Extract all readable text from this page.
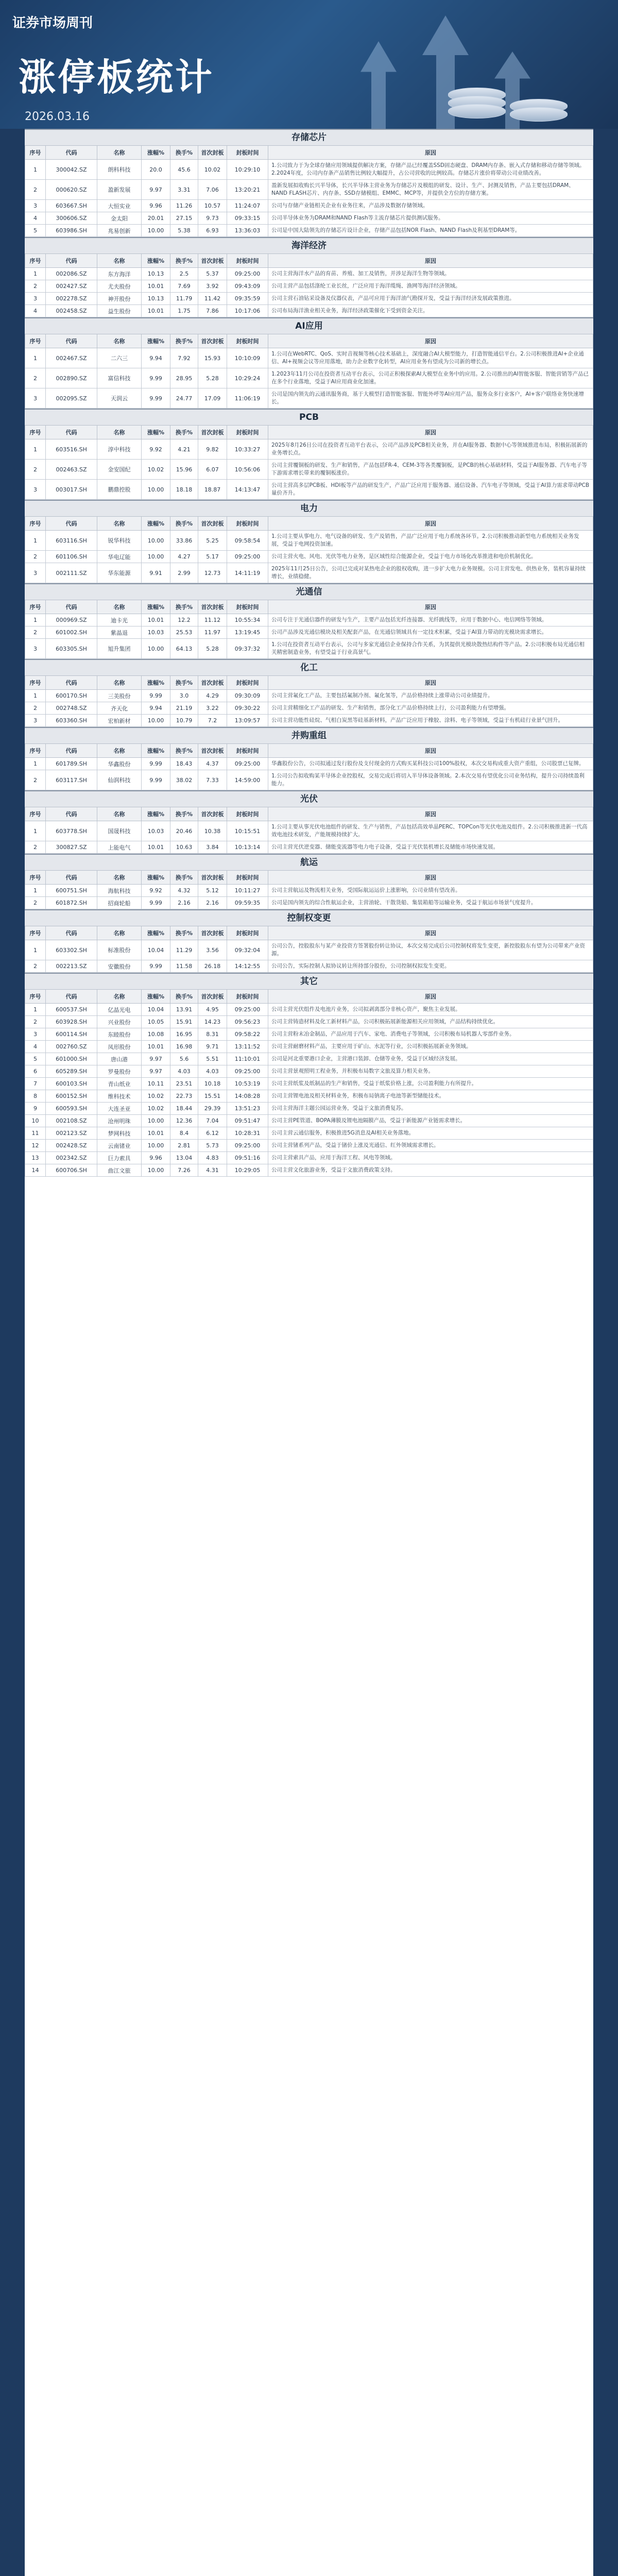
证券市场周刊
涨停板统计
2026.03.16
存储芯片
序号	代码	名称	涨幅%	换手%	首次封板	封板时间	原因
1	300042.SZ	朗科科技	20.0	45.6	10.02	10:29:10	1.公司致力于为全球存储应用领域提供解决方案，存储产品已经覆盖SSD固态硬盘、DRAM内存条、嵌入式存储和移动存储等领域。2.2024年度，公司内存条产品销售比例较大幅提升，占公司营收的比例较高。存储芯片涨价将带动公司业绩改善。
2	000620.SZ	盈新发展	9.97	3.31	7.06	13:20:21	盈新发展拟收购长兴半导体，长兴半导体主营业务为存储芯片及模组的研发、设计、生产、封测及销售，产品主要包括DRAM、NAND FLASH芯片、内存条、SSD存储模组、EMMC、MCP等，并提供全方位的存储方案。
3	603667.SH	大恒实业	9.96	11.26	10.57	11:24:07	公司与存储产业链相关企业有业务往来，产品涉及数据存储领域。
4	300606.SZ	金太阳	20.01	27.15	9.73	09:33:15	公司半导体业务为DRAM和NAND Flash等主流存储芯片提供测试服务。
5	603986.SH	兆易创新	10.00	5.38	6.93	13:36:03	公司是中国大陆领先的存储芯片设计企业，存储产品包括NOR Flash、NAND Flash及利基型DRAM等。
海洋经济
序号	代码	名称	涨幅%	换手%	首次封板	封板时间	原因
1	002086.SZ	东方海洋	10.13	2.5	5.37	09:25:00	公司主营海洋水产品的育苗、养殖、加工及销售，并涉足海洋生物等领域。
2	002427.SZ	尤夫股份	10.01	7.69	3.92	09:43:09	公司主营产品包括涤纶工业长丝，广泛应用于海洋缆绳、渔网等海洋经济领域。
3	002278.SZ	神开股份	10.13	11.79	11.42	09:35:59	公司主营石油钻采设备及仪器仪表，产品可应用于海洋油气勘探开发，受益于海洋经济发展政策推进。
4	002458.SZ	益生股份	10.01	1.75	7.86	10:17:06	公司布局海洋渔业相关业务，海洋经济政策催化下受到资金关注。
AI应用
序号	代码	名称	涨幅%	换手%	首次封板	封板时间	原因
1	002467.SZ	二六三	9.94	7.92	15.93	10:10:09	1.公司在WebRTC、QoS、实时音视频等核心技术基础上，深度融合AI大模型能力，打造智能通信平台。2.公司积极推进AI+企业通信、AI+视频会议等应用落地，助力企业数字化转型，AI应用业务有望成为公司新的增长点。
2	002890.SZ	富信科技	9.99	28.95	5.28	10:29:24	1.2023年11月公司在投资者互动平台表示，公司正积极探索AI大模型在业务中的应用。2.公司推出的AI智能客服、智能营销等产品已在多个行业落地，受益于AI应用商业化加速。
3	002095.SZ	天润云	9.99	24.77	17.09	11:06:19	公司是国内领先的云通讯服务商，基于大模型打造智能客服、智能外呼等AI应用产品，服务众多行业客户，AI+客户联络业务快速增长。
PCB
序号	代码	名称	涨幅%	换手%	首次封板	封板时间	原因
1	603516.SH	淳中科技	9.92	4.21	9.82	10:33:27	2025年8月26日公司在投资者互动平台表示，公司产品涉及PCB相关业务，并在AI服务器、数据中心等领域推进布局，积极拓展新的业务增长点。
2	002463.SZ	金安国纪	10.02	15.96	6.07	10:56:06	公司主营覆铜板的研发、生产和销售，产品包括FR-4、CEM-3等各类覆铜板，是PCB的核心基础材料，受益于AI服务器、汽车电子等下游需求增长带来的覆铜板涨价。
3	003017.SH	鹏鼎控股	10.00	18.18	18.87	14:13:47	公司主营高多层PCB板、HDI板等产品的研发生产，产品广泛应用于服务器、通信设备、汽车电子等领域，受益于AI算力需求带动PCB量价齐升。
电力
序号	代码	名称	涨幅%	换手%	首次封板	封板时间	原因
1	603116.SH	锐华科技	10.00	33.86	5.25	09:58:54	1.公司主要从事电力、电气设备的研发、生产及销售，产品广泛应用于电力系统各环节。2.公司积极推动新型电力系统相关业务发展，受益于电网投资加速。
2	601106.SH	华电辽能	10.00	4.27	5.17	09:25:00	公司主营火电、风电、光伏等电力业务，是区域性综合能源企业，受益于电力市场化改革推进和电价机制优化。
3	002111.SZ	华东能源	9.91	2.99	12.73	14:11:19	2025年11月25日公告，公司已完成对某热电企业的股权收购，进一步扩大电力业务规模。公司主营发电、供热业务，装机容量持续增长，业绩稳健。
光通信
序号	代码	名称	涨幅%	换手%	首次封板	封板时间	原因
1	000969.SZ	迪卡光	10.01	12.2	11.12	10:55:34	公司专注于光通信器件的研发与生产，主要产品包括光纤连接器、光纤跳线等，应用于数据中心、电信网络等领域。
2	601002.SH	紫晶退	10.03	25.53	11.97	13:19:45	公司产品涉及光通信模块及相关配套产品，在光通信领域具有一定技术积累，受益于AI算力带动的光模块需求增长。
3	603305.SH	旭升集团	10.00	64.13	5.28	09:37:32	1.公司在投资者互动平台表示，公司与多家光通信企业保持合作关系，为其提供光模块散热结构件等产品。2.公司积极布局光通信相关精密制造业务，有望受益于行业高景气。
化工
序号	代码	名称	涨幅%	换手%	首次封板	封板时间	原因
1	600170.SH	三美股份	9.99	3.0	4.29	09:30:09	公司主营氟化工产品，主要包括氟制冷剂、氟化氢等，产品价格持续上涨带动公司业绩提升。
2	002748.SZ	齐天化	9.94	21.19	3.22	09:30:22	公司主营精细化工产品的研发、生产和销售，部分化工产品价格持续上行，公司盈利能力有望增强。
3	603360.SH	宏柏新材	10.00	10.79	7.2	13:09:57	公司主营功能性硅烷、气相白炭黑等硅基新材料，产品广泛应用于橡胶、涂料、电子等领域，受益于有机硅行业景气回升。
并购重组
序号	代码	名称	涨幅%	换手%	首次封板	封板时间	原因
1	601789.SH	华鑫股份	9.99	18.43	4.37	09:25:00	华鑫股份公告，公司拟通过发行股份及支付现金的方式购买某科技公司100%股权，本次交易构成重大资产重组，公司股票已复牌。
2	603117.SH	仙润科技	9.99	38.02	7.33	14:59:00	1.公司公告拟收购某半导体企业控股权，交易完成后将切入半导体设备领域。2.本次交易有望优化公司业务结构，提升公司持续盈利能力。
光伏
序号	代码	名称	涨幅%	换手%	首次封板	封板时间	原因
1	603778.SH	国晟科技	10.03	20.46	10.38	10:15:51	1.公司主要从事光伏电池组件的研发、生产与销售，产品包括高效单晶PERC、TOPCon等光伏电池及组件。2.公司积极推进新一代高效电池技术研发，产能规模持续扩大。
2	300827.SZ	上能电气	10.01	10.63	3.84	10:13:14	公司主营光伏逆变器、储能变流器等电力电子设备，受益于光伏装机增长及储能市场快速发展。
航运
序号	代码	名称	涨幅%	换手%	首次封板	封板时间	原因
1	600751.SH	海航科技	9.92	4.32	5.12	10:11:27	公司主营航运及物流相关业务，受国际航运运价上涨影响，公司业绩有望改善。
2	601872.SH	招商轮船	9.99	2.16	2.16	09:59:35	公司是国内领先的综合性航运企业，主营油轮、干散货船、集装箱船等运输业务，受益于航运市场景气度提升。
控制权变更
序号	代码	名称	涨幅%	换手%	首次封板	封板时间	原因
1	603302.SH	标准股份	10.04	11.29	3.56	09:32:04	公司公告，控股股东与某产业投资方签署股份转让协议，本次交易完成后公司控制权将发生变更，新控股股东有望为公司带来产业资源。
2	002213.SZ	安徽股份	9.99	11.58	26.18	14:12:55	公司公告，实际控制人拟协议转让所持部分股份，公司控制权拟发生变更。
其它
序号	代码	名称	涨幅%	换手%	首次封板	封板时间	原因
1	600537.SH	亿晶光电	10.04	13.91	4.95	09:25:00	公司主营光伏组件及电池片业务，公司拟剥离部分非核心资产，聚焦主业发展。
2	603928.SH	兴业股份	10.05	15.91	14.23	09:56:23	公司主营铸造材料及化工新材料产品，公司积极拓展新能源相关应用领域，产品结构持续优化。
3	600114.SH	东睦股份	10.08	16.95	8.31	09:58:22	公司主营粉末冶金制品，产品应用于汽车、家电、消费电子等领域，公司积极布局机器人零部件业务。
4	002760.SZ	凤形股份	10.01	16.98	9.71	13:11:52	公司主营耐磨材料产品，主要应用于矿山、水泥等行业，公司积极拓展新业务领域。
5	601000.SH	唐山港	9.97	5.6	5.51	11:10:01	公司是河北重要港口企业，主营港口装卸、仓储等业务，受益于区域经济发展。
6	605289.SH	罗曼股份	9.97	4.03	4.03	09:25:00	公司主营景观照明工程业务，并积极布局数字文旅及算力相关业务。
7	600103.SH	青山纸业	10.11	23.51	10.18	10:53:19	公司主营纸浆及纸制品的生产和销售，受益于纸浆价格上涨，公司盈利能力有所提升。
8	600152.SH	维科技术	10.02	22.73	15.51	14:08:28	公司主营锂电池及相关材料业务，积极布局钠离子电池等新型储能技术。
9	600593.SH	大连圣亚	10.02	18.44	29.39	13:51:23	公司主营海洋主题公园运营业务，受益于文旅消费复苏。
10	002108.SZ	沧州明珠	10.00	12.36	7.04	09:51:47	公司主营PE管道、BOPA薄膜及锂电池隔膜产品，受益于新能源产业链需求增长。
11	002123.SZ	梦网科技	10.01	8.4	6.12	10:28:31	公司主营云通信服务，积极推进5G消息及AI相关业务落地。
12	002428.SZ	云南锗业	10.00	2.81	5.73	09:25:00	公司主营锗系列产品，受益于锗价上涨及光通信、红外领域需求增长。
13	002342.SZ	巨力索具	9.96	13.04	4.83	09:51:16	公司主营索具产品，应用于海洋工程、风电等领域。
14	600706.SH	曲江文旅	10.00	7.26	4.31	10:29:05	公司主营文化旅游业务，受益于文旅消费政策支持。
